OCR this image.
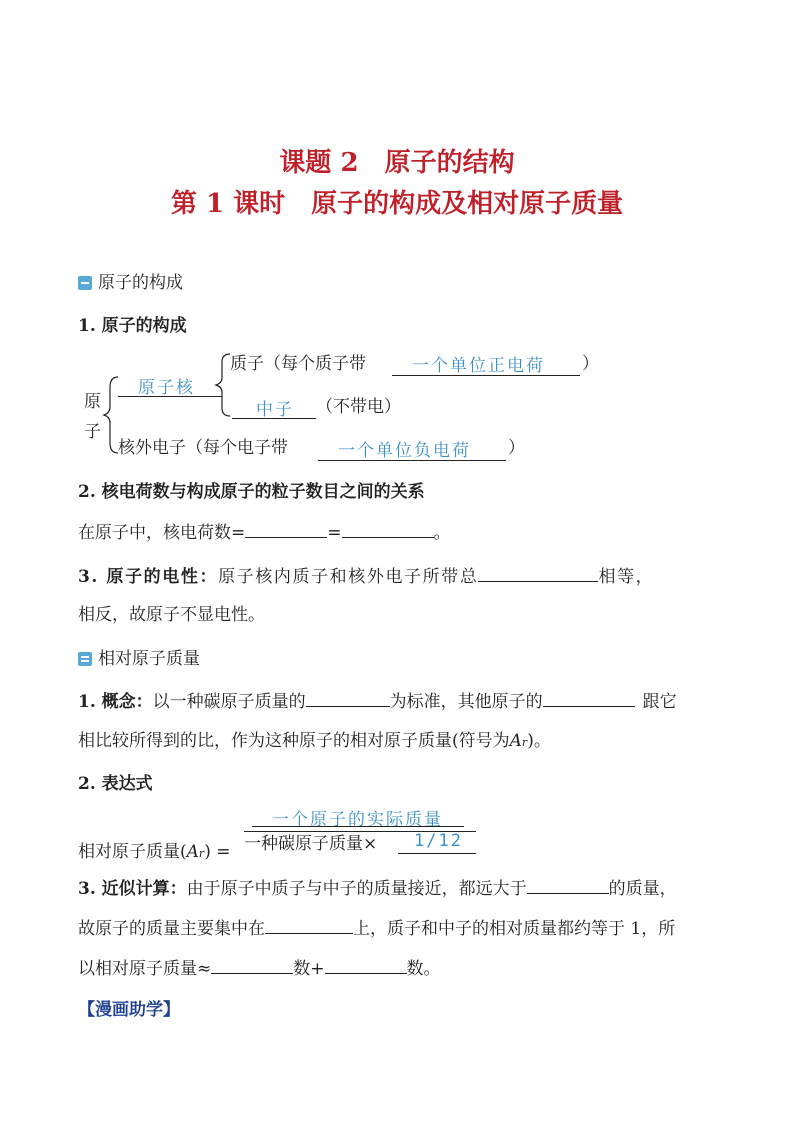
课题 2　原子的结构
第 1 课时　原子的构成及相对原子质量
原子的构成
1. 原子的构成
原
子
原子核
质子（每个质子带	一个单位正电荷 ）
中子 （不带电）
核外电子（每个电子带	一个单位负电荷 ）
2. 核电荷数与构成原子的粒子数目之间的关系
在原子中，核电荷数=	=	。
3. 原子的电性：原子核内质子和核外电子所带总	相等，
相反，故原子不显电性。
相对原子质量
1. 概念：以一种碳原子质量的	为标准，其他原子的	跟它
相比较所得到的比，作为这种原子的相对原子质量(符号为Ar)。
2. 表达式
一个原子的实际质量
相对原子质量(Ar) = 一种碳原子质量× 1/12
3. 近似计算：由于原子中质子与中子的质量接近，都远大于	的质量，
故原子的质量主要集中在	上，质子和中子的相对质量都约等于 1，所
以相对原子质量≈	数+	数。
【漫画助学】
